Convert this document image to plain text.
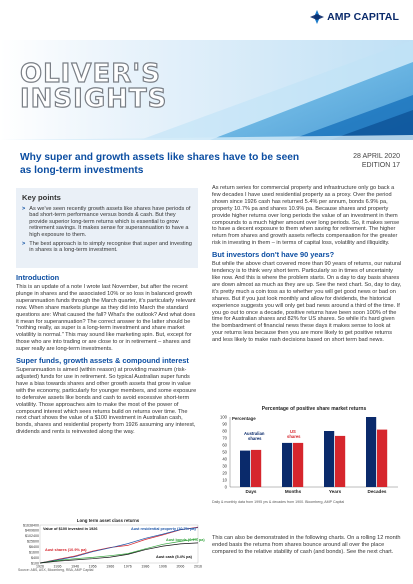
AMP CAPITAL
OLIVER'S
INSIGHTS
Why super and growth assets like shares have to be seen as long-term investments
28 APRIL 2020
EDITION 17
Key points
> As we've seen recently growth assets like shares have periods of bad short-term performance versus bonds & cash. But they provide superior long-term returns which is essential to grow retirement savings. It makes sense for superannuation to have a high exposure to them.
> The best approach is to simply recognise that super and investing in shares is a long-term investment.
Introduction

This is an update of a note I wrote last November, but after the recent plunge in shares and the associated 10% or so loss in balanced growth superannuation funds through the March quarter, it's particularly relevant now. When share markets plunge as they did into March the standard questions are: What caused the fall? What's the outlook? And what does it mean for superannuation? The correct answer to the latter should be "nothing really, as super is a long-term investment and share market volatility is normal." This may sound like marketing spin. But, except for those who are into trading or are close to or in retirement – shares and super really are long-term investments.

Super funds, growth assets & compound interest

Superannuation is aimed (within reason) at providing maximum (risk-adjusted) funds for use in retirement. So typical Australian super funds have a bias towards shares and other growth assets that grow in value with the economy, particularly for younger members, and some exposure to defensive assets like bonds and cash to avoid excessive short-term volatility. Those approaches aim to make the most of the power of compound interest which sees returns build on returns over time. The next chart shows the value of a $100 investment in Australian cash, bonds, shares and residential property from 1926 assuming any interest, dividends and rents is reinvested along the way.

Long term asset class returns
$1638400
$409600
$102400
$25600
$6400
$1600
$400
$100
1926	1936	1946	1956	1966	1976	1986	1996	2006	2016
Value of $100 invested in 1926	Aust residential property (10.7% pa)
Aust bonds (6.9% pa)
Aust shares (10.9% pa)
Aust cash (5.4% pa)
Source: ABS, ASX, Bloomberg, RBA, AMP Capital

As return series for commercial property and infrastructure only go back a few decades I have used residential property as a proxy. Over the period shown since 1926 cash has returned 5.4% per annum, bonds 6.9% pa, property 10.7% pa and shares 10.9% pa. Because shares and property provide higher returns over long periods the value of an investment in them compounds to a much higher amount over long periods. So, it makes sense to have a decent exposure to them when saving for retirement. The higher return from shares and growth assets reflects compensation for the greater risk in investing in them – in terms of capital loss, volatility and illiquidity.

But investors don't have 90 years?

But while the above chart covered more than 90 years of returns, our natural tendency is to think very short term. Particularly so in times of uncertainty like now. And this is where the problem starts. On a day to day basis shares are down almost as much as they are up. See the next chart. So, day to day, it's pretty much a coin toss as to whether you will get good news or bad on shares. But if you just look monthly and allow for dividends, the historical experience suggests you will only get bad news around a third of the time. If you go out to once a decade, positive returns have been soon 100% of the time for Australian shares and 82% for US shares. So while it's hard given the bombardment of financial news these days it makes sense to look at your returns less because then you are more likely to get positive returns and less likely to make rash decisions based on short term bad news.

Percentage of positive share market returns
Percentage
0
10
20
30
40
50
60
70
80
90
100
Days	Months	Years	Decades
Australian
shares
US
shares
Daily & monthly data from 1995 yrs & decades from 1900. Bloomberg, AMP Capital

This can also be demonstrated in the following charts. On a rolling 12 month ended basis the returns from shares bounce around all over the place compared to the relative stability of cash (and bonds). See the next chart.
